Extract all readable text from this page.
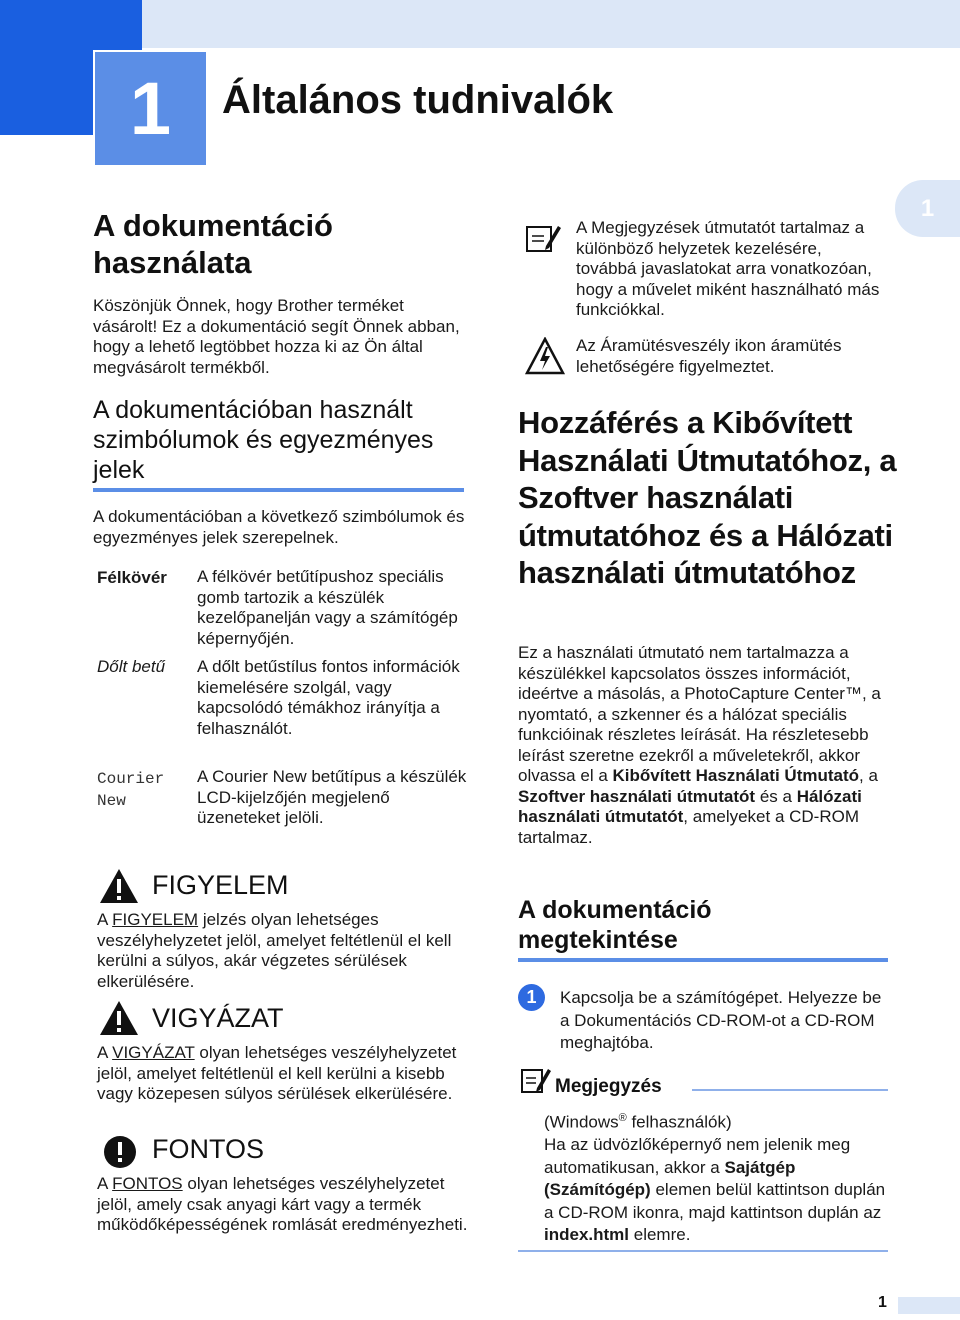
1	Általános tudnivalók
1
A dokumentáció használata
Köszönjük Önnek, hogy Brother terméket vásárolt! Ez a dokumentáció segít Önnek abban, hogy a lehető legtöbbet hozza ki az Ön által megvásárolt termékből.
A dokumentációban használt szimbólumok és egyezményes jelek
A dokumentációban a következő szimbólumok és egyezményes jelek szerepelnek.
Félkövér A félkövér betűtípushoz speciális gomb tartozik a készülék kezelőpanelján vagy a számítógép képernyőjén.
Dőlt betű A dőlt betűstílus fontos információk kiemelésére szolgál, vagy kapcsolódó témákhoz irányítja a felhasználót.
Courier New
A Courier New betűtípus a készülék LCD-kijelzőjén megjelenő üzeneteket jelöli.
FIGYELEM
A FIGYELEM jelzés olyan lehetséges veszélyhelyzetet jelöl, amelyet feltétlenül el kell kerülni a súlyos, akár végzetes sérülések elkerülésére.
VIGYÁZAT
A VIGYÁZAT olyan lehetséges veszélyhelyzetet jelöl, amelyet feltétlenül el kell kerülni a kisebb vagy közepesen súlyos sérülések elkerülésére.
FONTOS
A FONTOS olyan lehetséges veszélyhelyzetet jelöl, amely csak anyagi kárt vagy a termék működőképességének romlását eredményezheti.
A Megjegyzések útmutatót tartalmaz a különböző helyzetek kezelésére, továbbá javaslatokat arra vonatkozóan, hogy a művelet miként használható más funkciókkal.
Az Áramütésveszély ikon áramütés lehetőségére figyelmeztet.
Hozzáférés a Kibővített Használati Útmutatóhoz, a Szoftver használati útmutatóhoz és a Hálózati használati útmutatóhoz
Ez a használati útmutató nem tartalmazza a készülékkel kapcsolatos összes információt, ideértve a másolás, a PhotoCapture Center™, a nyomtató, a szkenner és a hálózat speciális funkcióinak részletes leírását. Ha részletesebb leírást szeretne ezekről a műveletekről, akkor olvassa el a Kibővített Használati Útmutató, a Szoftver használati útmutatót és a Hálózati használati útmutatót, amelyeket a CD-ROM tartalmaz.
A dokumentáció megtekintése
1	Kapcsolja be a számítógépet. Helyezze be a Dokumentációs CD-ROM-ot a CD-ROM meghajtóba.
Megjegyzés
(Windows® felhasználók)
Ha az üdvözlőképernyő nem jelenik meg automatikusan, akkor a Sajátgép (Számítógép) elemen belül kattintson duplán a CD-ROM ikonra, majd kattintson duplán az index.html elemre.
1
